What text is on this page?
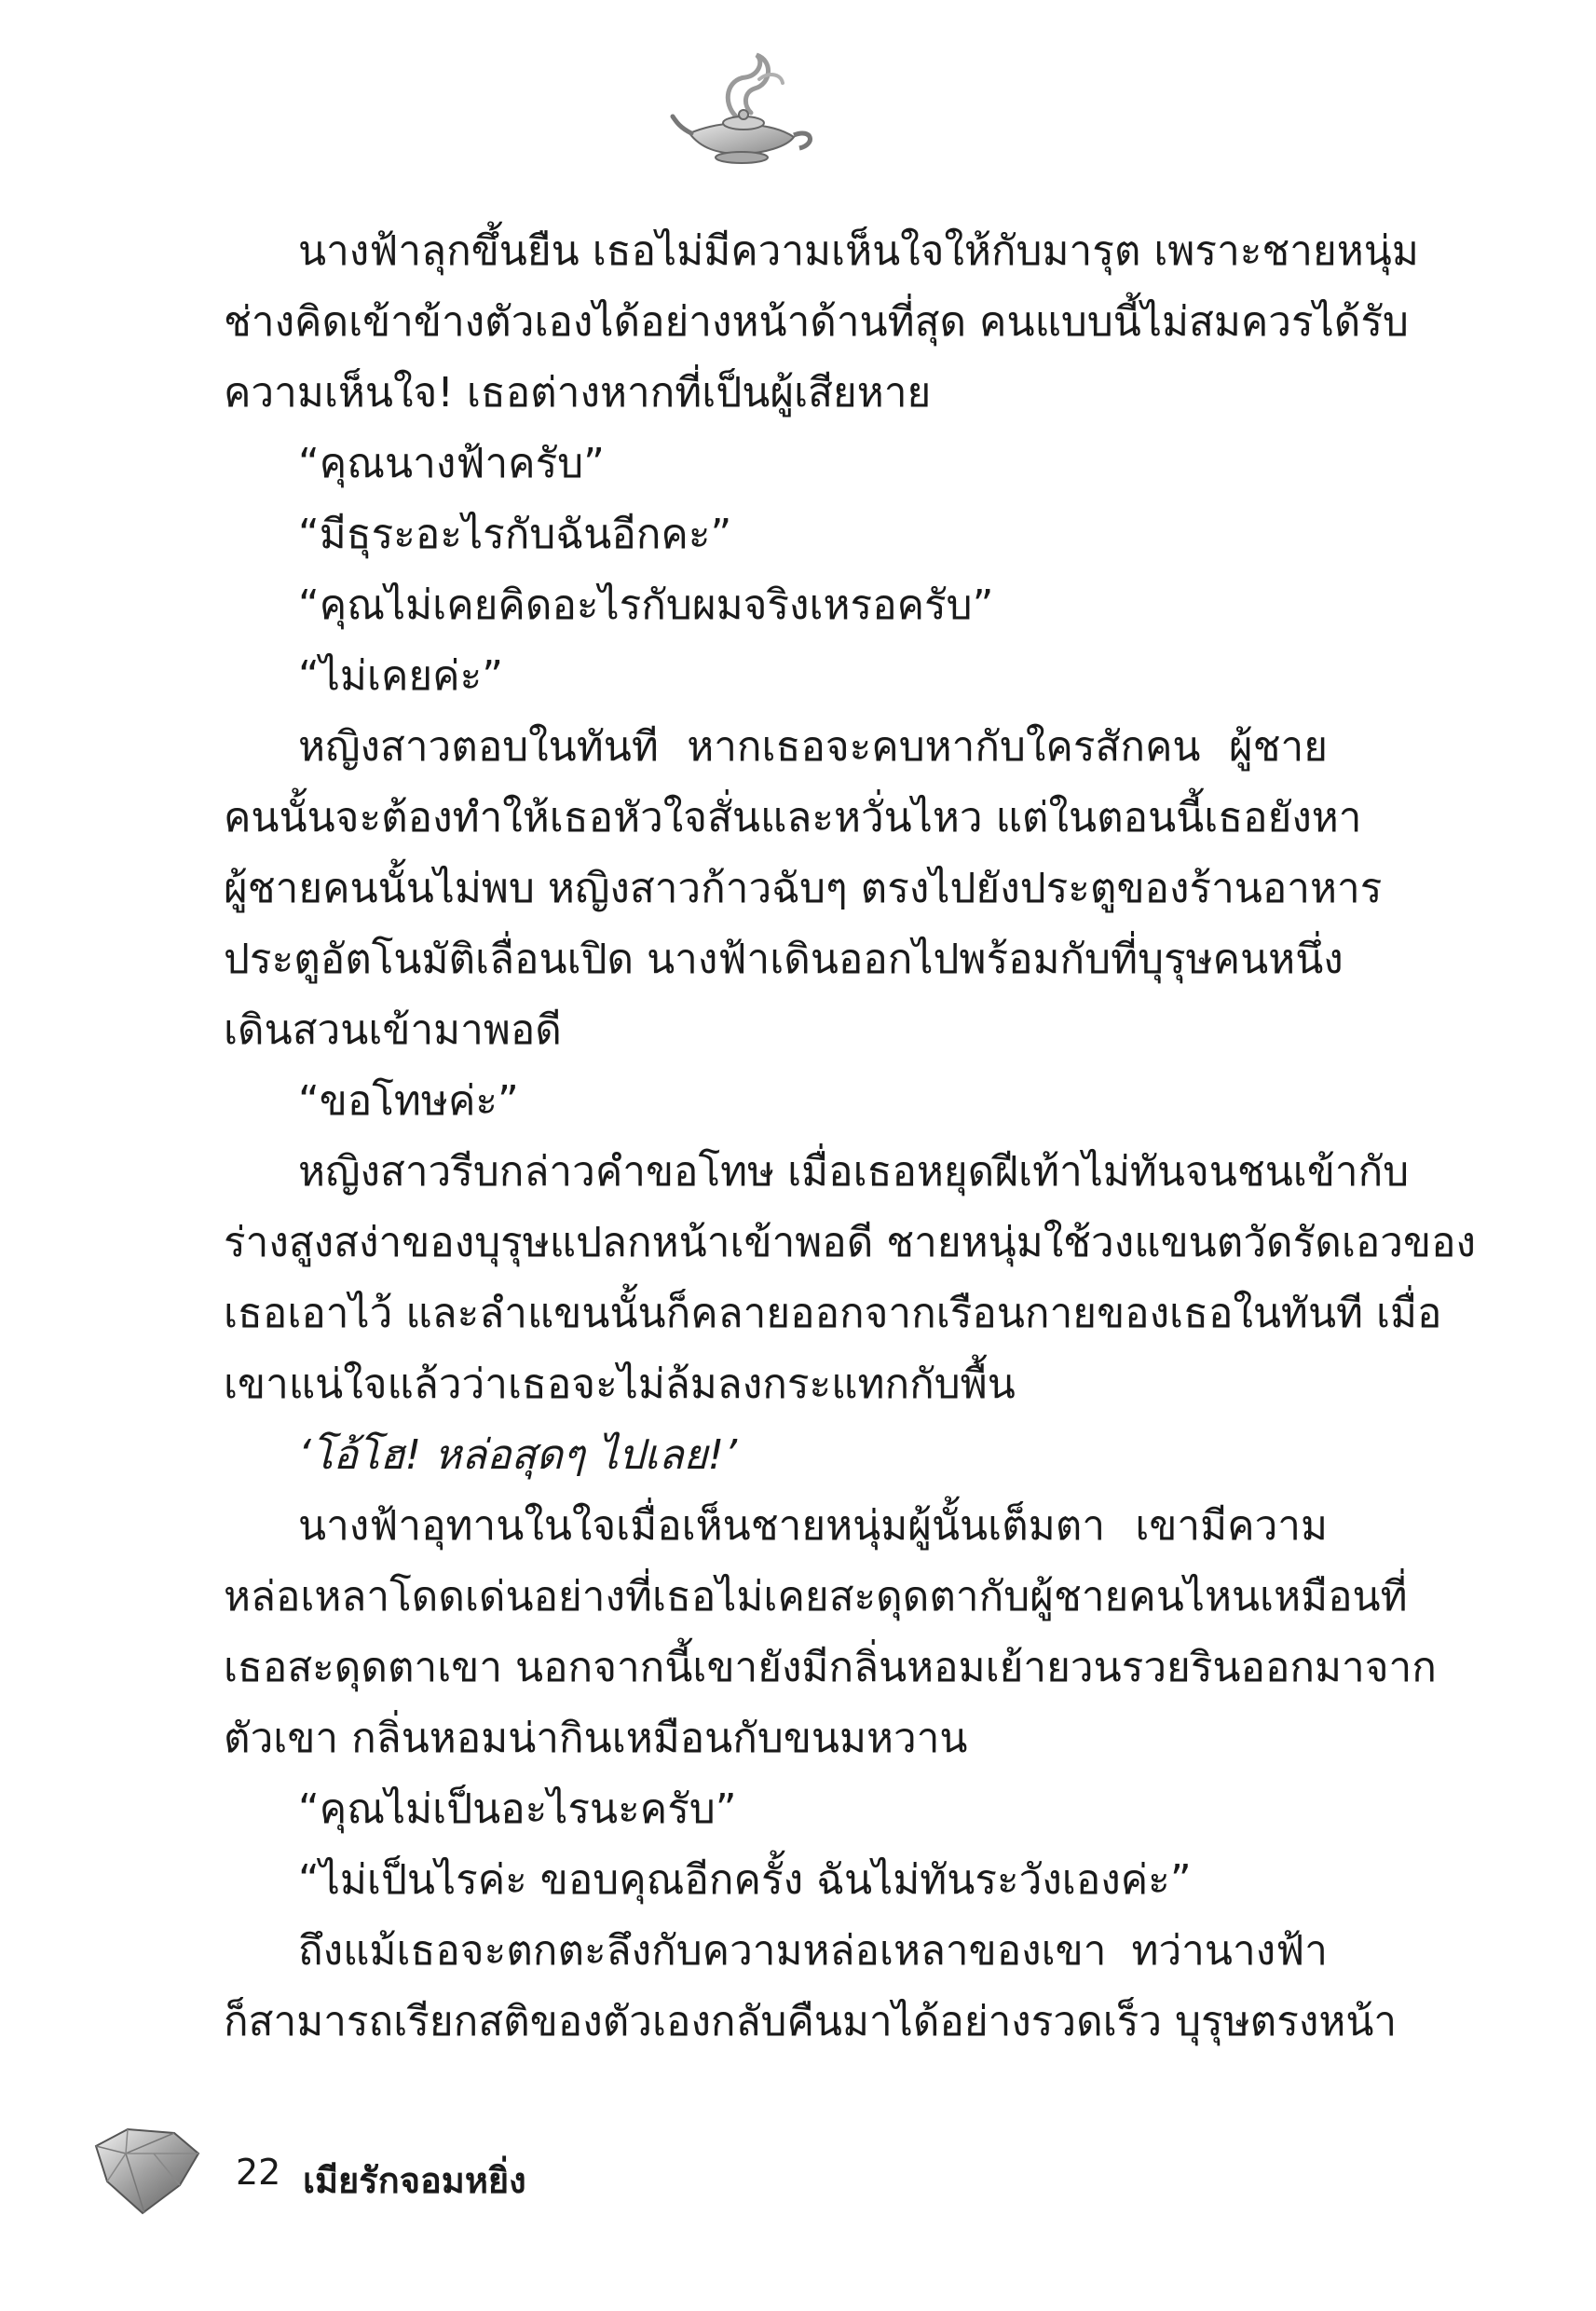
นางฟ้าลุกขึ้นยืน เธอไม่มีความเห็นใจให้กับมารุต เพราะชายหนุ่ม
ช่างคิดเข้าข้างตัวเองได้อย่างหน้าด้านที่สุด คนแบบนี้ไม่สมควรได้รับ
ความเห็นใจ! เธอต่างหากที่เป็นผู้เสียหาย
“คุณนางฟ้าครับ”
“มีธุระอะไรกับฉันอีกคะ”
“คุณไม่เคยคิดอะไรกับผมจริงเหรอครับ”
“ไม่เคยค่ะ”
หญิงสาวตอบในทันที หากเธอจะคบหากับใครสักคน ผู้ชาย
คนนั้นจะต้องทำให้เธอหัวใจสั่นและหวั่นไหว แต่ในตอนนี้เธอยังหา
ผู้ชายคนนั้นไม่พบ หญิงสาวก้าวฉับๆ ตรงไปยังประตูของร้านอาหาร
ประตูอัตโนมัติเลื่อนเปิด นางฟ้าเดินออกไปพร้อมกับที่บุรุษคนหนึ่ง
เดินสวนเข้ามาพอดี
“ขอโทษค่ะ”
หญิงสาวรีบกล่าวคำขอโทษ เมื่อเธอหยุดฝีเท้าไม่ทันจนชนเข้ากับ
ร่างสูงสง่าของบุรุษแปลกหน้าเข้าพอดี ชายหนุ่มใช้วงแขนตวัดรัดเอวของ
เธอเอาไว้ และลำแขนนั้นก็คลายออกจากเรือนกายของเธอในทันที เมื่อ
เขาแน่ใจแล้วว่าเธอจะไม่ล้มลงกระแทกกับพื้น
‘โอ้โฮ! หล่อสุดๆ ไปเลย!’
นางฟ้าอุทานในใจเมื่อเห็นชายหนุ่มผู้นั้นเต็มตา เขามีความ
หล่อเหลาโดดเด่นอย่างที่เธอไม่เคยสะดุดตากับผู้ชายคนไหนเหมือนที่
เธอสะดุดตาเขา นอกจากนี้เขายังมีกลิ่นหอมเย้ายวนรวยรินออกมาจาก
ตัวเขา กลิ่นหอมน่ากินเหมือนกับขนมหวาน
“คุณไม่เป็นอะไรนะครับ”
“ไม่เป็นไรค่ะ ขอบคุณอีกครั้ง ฉันไม่ทันระวังเองค่ะ”
ถึงแม้เธอจะตกตะลึงกับความหล่อเหลาของเขา ทว่านางฟ้า
ก็สามารถเรียกสติของตัวเองกลับคืนมาได้อย่างรวดเร็ว บุรุษตรงหน้า
22 เมียรักจอมหยิ่ง
